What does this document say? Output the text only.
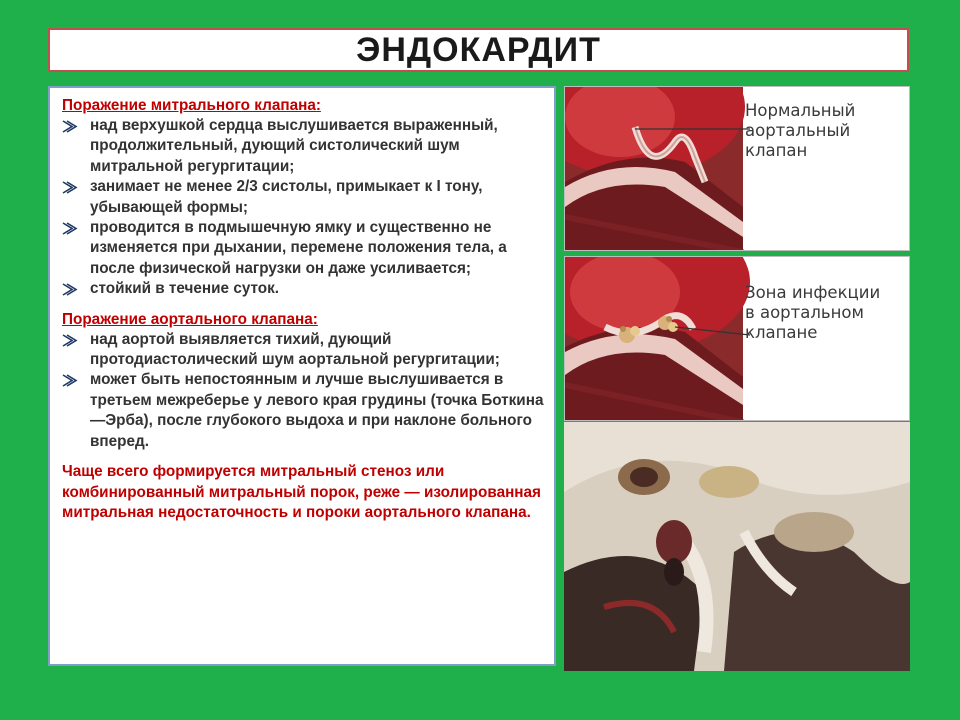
ЭНДОКАРДИТ
Поражение митрального клапана:
над верхушкой сердца выслушивается выраженный, продолжительный, дующий систолический шум митральной регургитации;
занимает не менее 2/3 систолы, примыкает к I тону, убывающей формы;
проводится в подмышечную ямку и существенно не изменяется при дыхании, перемене положения тела, а после физической нагрузки он даже усиливается;
стойкий в течение суток.
Поражение аортального клапана:
над аортой выявляется тихий, дующий протодиастолический шум аортальной регургитации;
может быть непостоянным и лучше выслушивается в третьем межреберье у левого края грудины (точка Боткина—Эрба), после глубокого выдоха и при наклоне больного вперед.
Чаще всего формируется митральный стеноз или комбинированный митральный порок, реже — изолированная митральная недостаточность и пороки аортального клапана.
Нормальный
аортальный
клапан
Зона инфекции
в аортальном
клапане
